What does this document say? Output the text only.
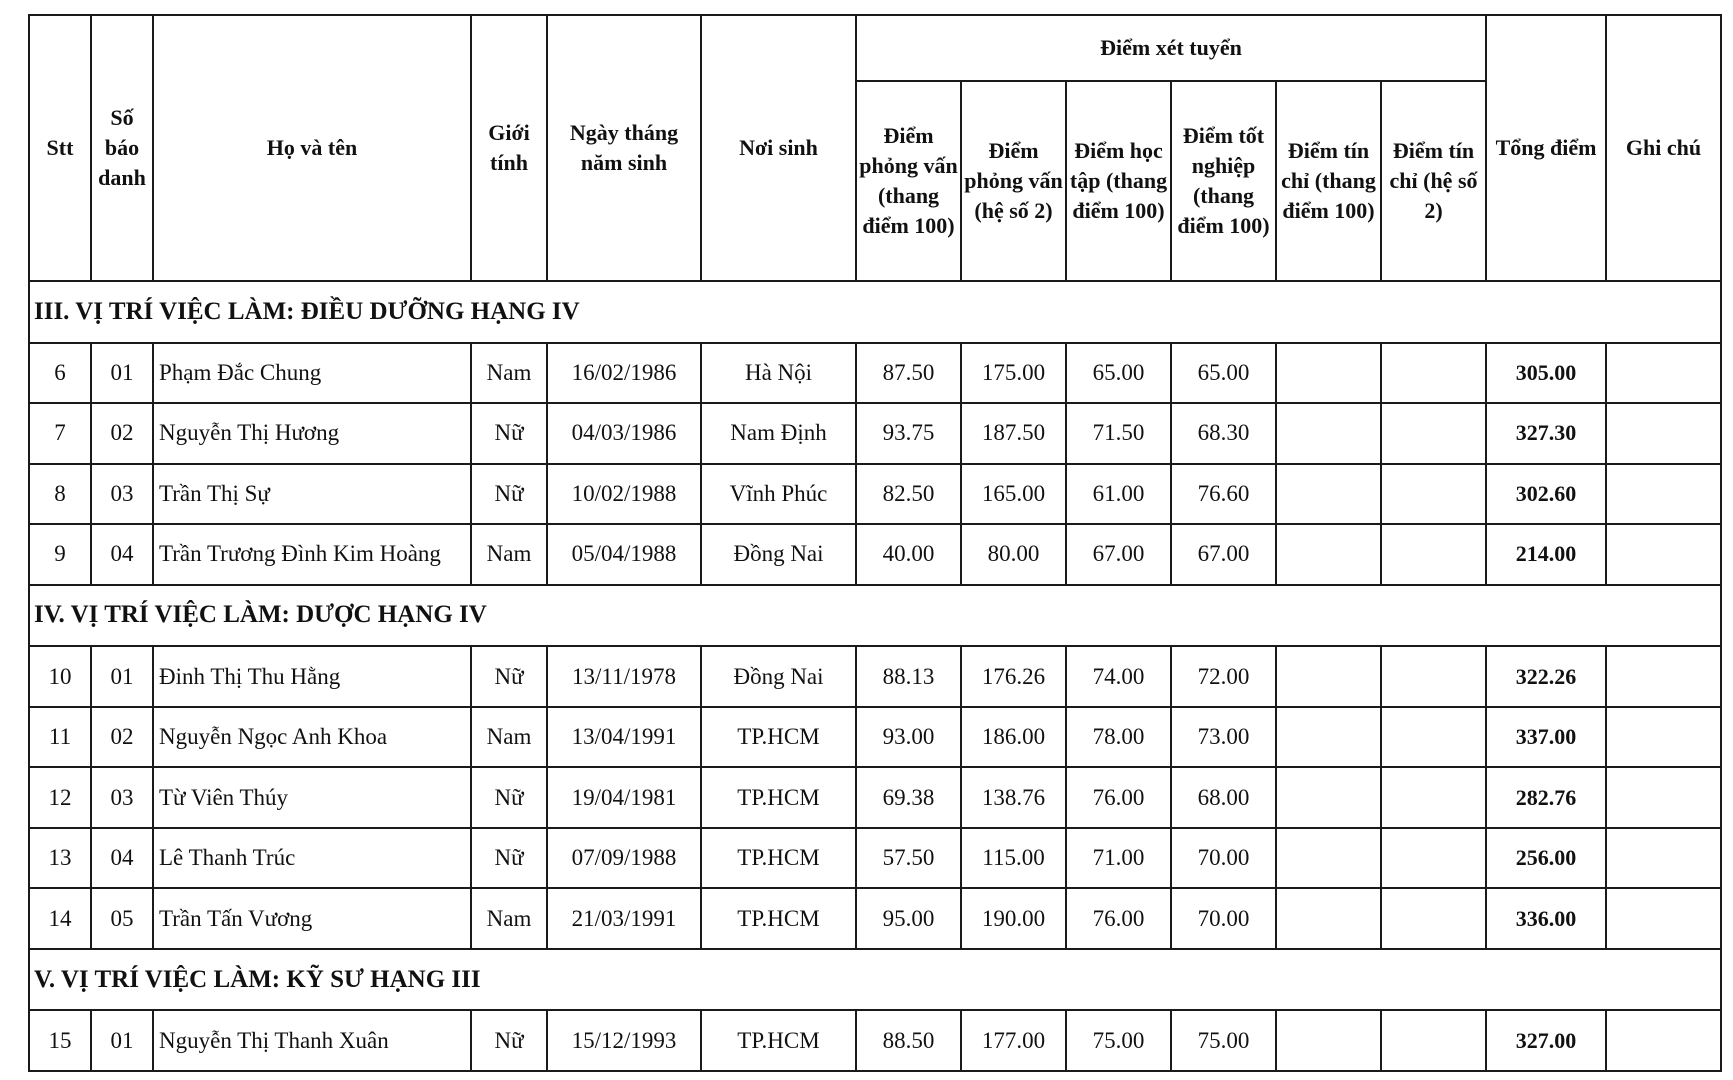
Stt	Số báo danh	Họ và tên	Giới tính	Ngày tháng năm sinh	Nơi sinh	Điểm xét tuyển						Tổng điểm	Ghi chú
						Điểm phỏng vấn (thang điểm 100)	Điểm phỏng vấn (hệ số 2)	Điểm học tập (thang điểm 100)	Điểm tốt nghiệp (thang điểm 100)	Điểm tín chỉ (thang điểm 100)	Điểm tín chỉ (hệ số 2)		
III. VỊ TRÍ VIỆC LÀM: ĐIỀU DƯỠNG HẠNG IV													
6	01	Phạm Đắc Chung	Nam	16/02/1986	Hà Nội	87.50	175.00	65.00	65.00			305.00	
7	02	Nguyễn Thị Hương	Nữ	04/03/1986	Nam Định	93.75	187.50	71.50	68.30			327.30	
8	03	Trần Thị Sự	Nữ	10/02/1988	Vĩnh Phúc	82.50	165.00	61.00	76.60			302.60	
9	04	Trần Trương Đình Kim Hoàng	Nam	05/04/1988	Đồng Nai	40.00	80.00	67.00	67.00			214.00	
IV. VỊ TRÍ VIỆC LÀM: DƯỢC HẠNG IV													
10	01	Đinh Thị Thu Hằng	Nữ	13/11/1978	Đồng Nai	88.13	176.26	74.00	72.00			322.26	
11	02	Nguyễn Ngọc Anh Khoa	Nam	13/04/1991	TP.HCM	93.00	186.00	78.00	73.00			337.00	
12	03	Từ Viên Thúy	Nữ	19/04/1981	TP.HCM	69.38	138.76	76.00	68.00			282.76	
13	04	Lê Thanh Trúc	Nữ	07/09/1988	TP.HCM	57.50	115.00	71.00	70.00			256.00	
14	05	Trần Tấn Vương	Nam	21/03/1991	TP.HCM	95.00	190.00	76.00	70.00			336.00	
V. VỊ TRÍ VIỆC LÀM: KỸ SƯ HẠNG III													
15	01	Nguyễn Thị Thanh Xuân	Nữ	15/12/1993	TP.HCM	88.50	177.00	75.00	75.00			327.00	
